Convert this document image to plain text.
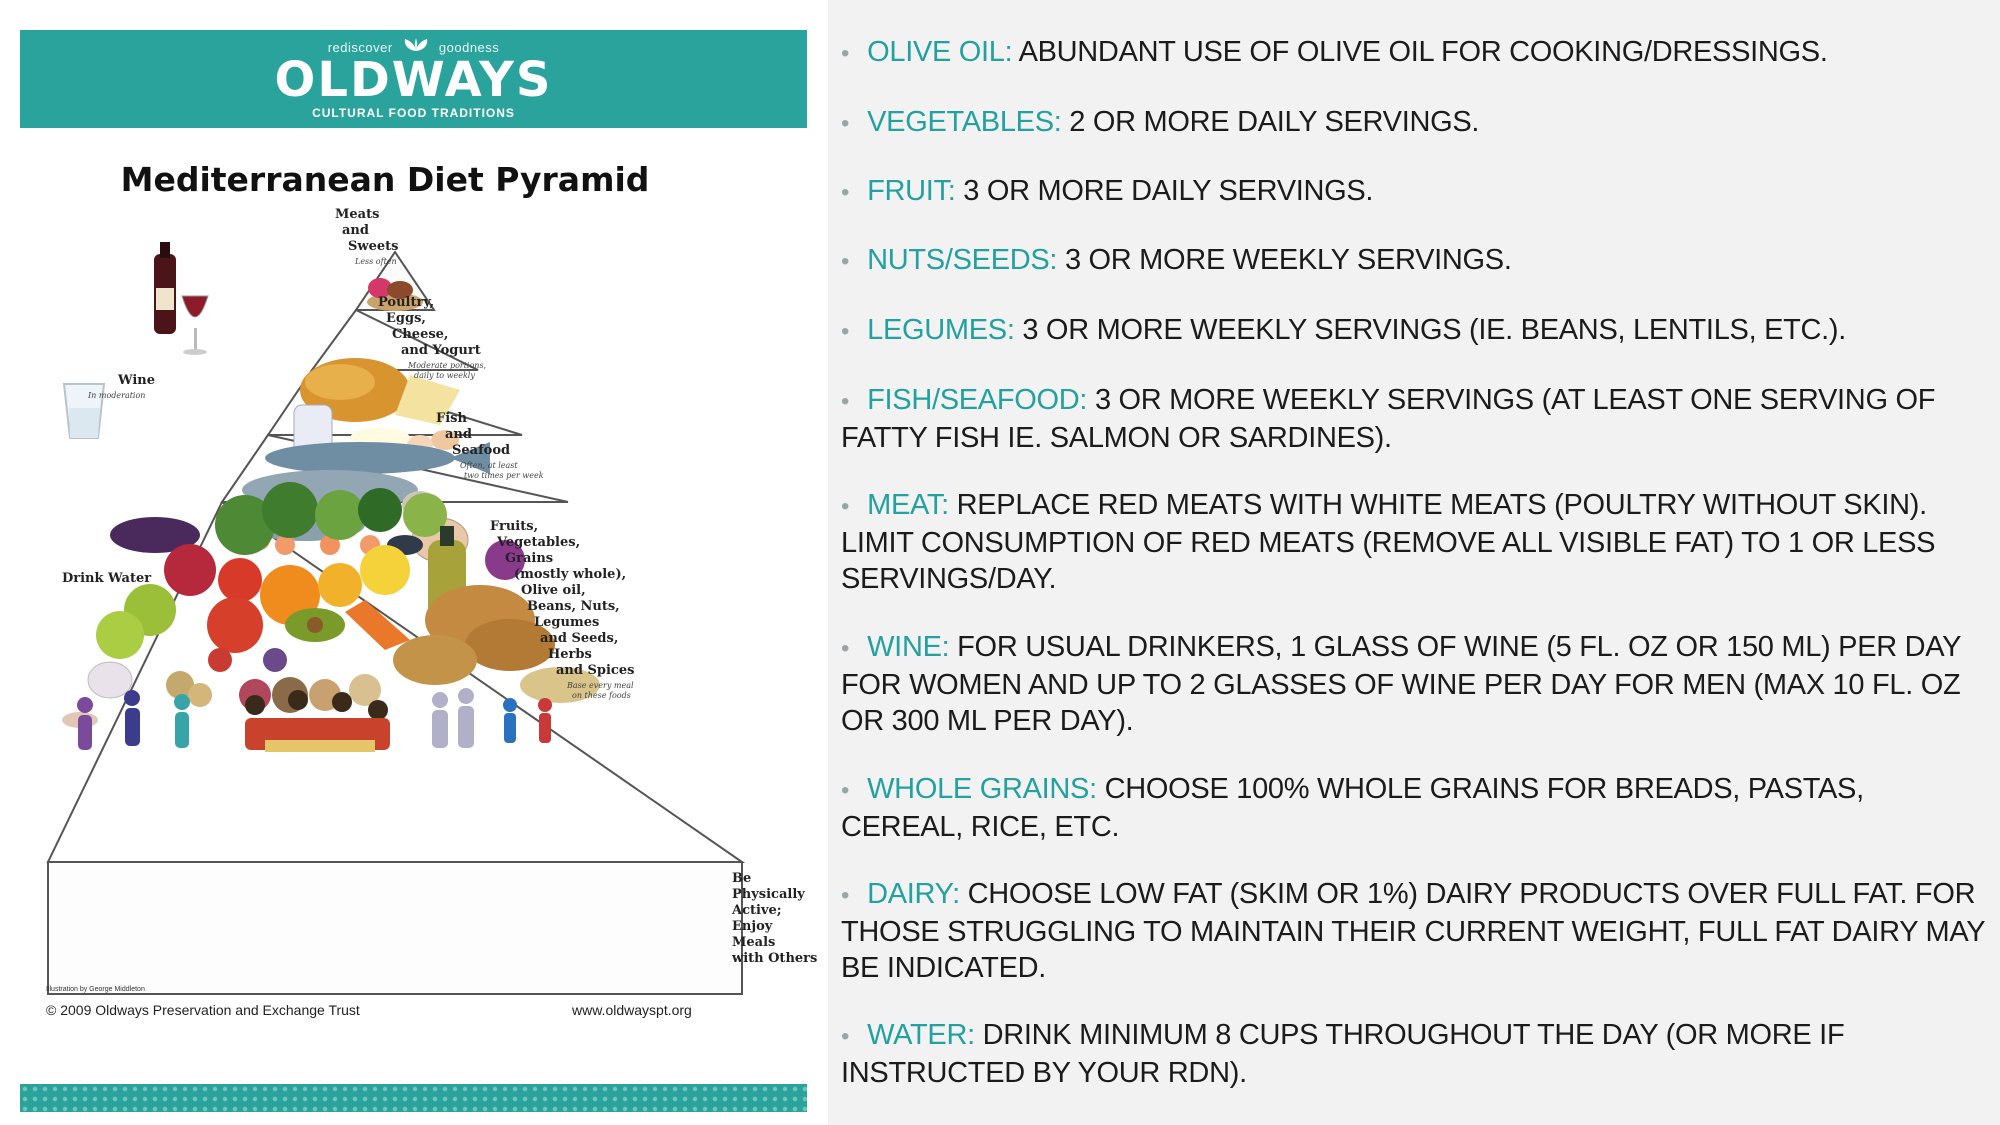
rediscover	goodness
OLDWAYS
CULTURAL FOOD TRADITIONS
Mediterranean Diet Pyramid
Meats and Sweets
Less often
Poultry, Eggs, Cheese, and Yogurt
Moderate portions, daily to weekly
Fish and Seafood
Often, at least two times per week
Fruits, Vegetables, Grains (mostly whole), Olive oil, Beans, Nuts, Legumes and Seeds, Herbs and Spices
Base every meal on these foods
Be Physically Active; Enjoy Meals with Others
Wine
In moderation
Drink Water
Illustration by George Middleton
© 2009 Oldways Preservation and Exchange Trust	www.oldwayspt.org
• OLIVE OIL: ABUNDANT USE OF OLIVE OIL FOR COOKING/DRESSINGS.
• VEGETABLES: 2 OR MORE DAILY SERVINGS.
• FRUIT: 3 OR MORE DAILY SERVINGS.
• NUTS/SEEDS: 3 OR MORE WEEKLY SERVINGS.
• LEGUMES: 3 OR MORE WEEKLY SERVINGS (IE. BEANS, LENTILS, ETC.).
• FISH/SEAFOOD: 3 OR MORE WEEKLY SERVINGS (AT LEAST ONE SERVING OF FATTY FISH IE. SALMON OR SARDINES).
• MEAT: REPLACE RED MEATS WITH WHITE MEATS (POULTRY WITHOUT SKIN). LIMIT CONSUMPTION OF RED MEATS (REMOVE ALL VISIBLE FAT) TO 1 OR LESS SERVINGS/DAY.
• WINE: FOR USUAL DRINKERS, 1 GLASS OF WINE (5 FL. OZ OR 150 ML) PER DAY FOR WOMEN AND UP TO 2 GLASSES OF WINE PER DAY FOR MEN (MAX 10 FL. OZ OR 300 ML PER DAY).
• WHOLE GRAINS: CHOOSE 100% WHOLE GRAINS FOR BREADS, PASTAS, CEREAL, RICE, ETC.
• DAIRY: CHOOSE LOW FAT (SKIM OR 1%) DAIRY PRODUCTS OVER FULL FAT. FOR THOSE STRUGGLING TO MAINTAIN THEIR CURRENT WEIGHT, FULL FAT DAIRY MAY BE INDICATED.
• WATER: DRINK MINIMUM 8 CUPS THROUGHOUT THE DAY (OR MORE IF INSTRUCTED BY YOUR RDN).
